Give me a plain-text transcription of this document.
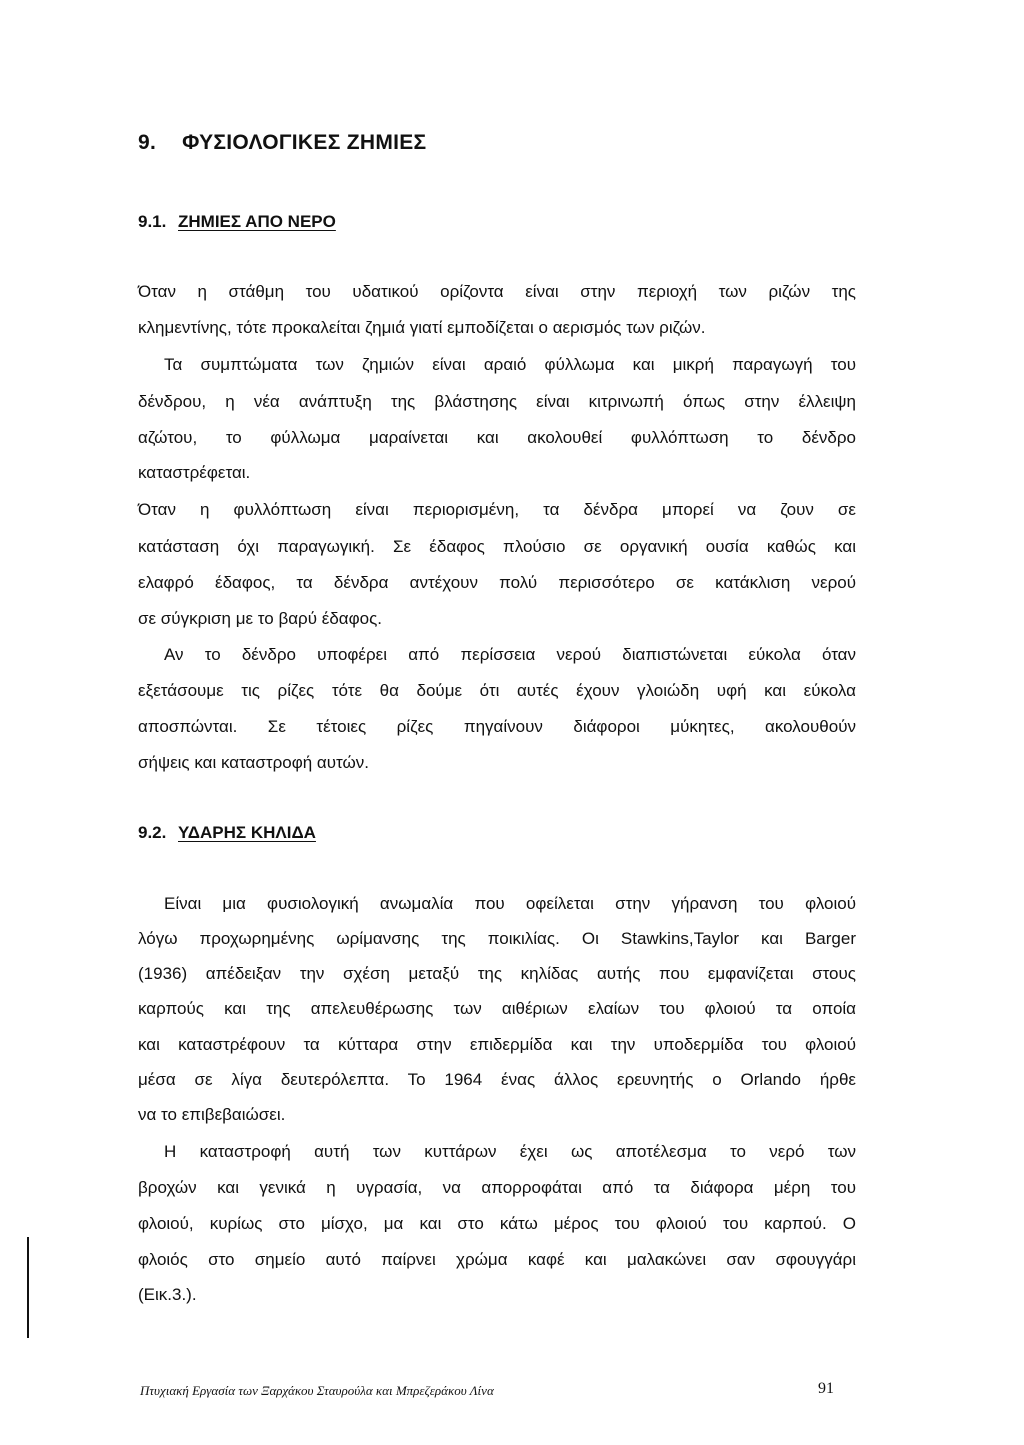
9. ΦΥΣΙΟΛΟΓΙΚΕΣ ΖΗΜΙΕΣ
9.1. ΖΗΜΙΕΣ ΑΠΟ ΝΕΡΟ
Όταν η στάθμη του υδατικού ορίζοντα είναι στην περιοχή των ριζών της
κλημεντίνης, τότε προκαλείται ζημιά γιατί εμποδίζεται ο αερισμός των ριζών.
Τα συμπτώματα των ζημιών είναι αραιό φύλλωμα και μικρή παραγωγή του
δένδρου, η νέα ανάπτυξη της βλάστησης είναι κιτρινωπή όπως στην έλλειψη
αζώτου, το φύλλωμα μαραίνεται και ακολουθεί φυλλόπτωση το δένδρο
καταστρέφεται.
Όταν η φυλλόπτωση είναι περιορισμένη, τα δένδρα μπορεί να ζουν σε
κατάσταση όχι παραγωγική. Σε έδαφος πλούσιο σε οργανική ουσία καθώς και
ελαφρό έδαφος, τα δένδρα αντέχουν πολύ περισσότερο σε κατάκλιση νερού
σε σύγκριση με το βαρύ έδαφος.
Αν το δένδρο υποφέρει από περίσσεια νερού διαπιστώνεται εύκολα όταν
εξετάσουμε τις ρίζες τότε θα δούμε ότι αυτές έχουν γλοιώδη υφή και εύκολα
αποσπώνται. Σε τέτοιες ρίζες πηγαίνουν διάφοροι μύκητες, ακολουθούν
σήψεις και καταστροφή αυτών.
9.2. ΥΔΑΡΗΣ ΚΗΛΙΔΑ
Είναι μια φυσιολογική ανωμαλία που οφείλεται στην γήρανση του φλοιού
λόγω προχωρημένης ωρίμανσης της ποικιλίας. Οι Stawkins,Taylor και Barger
(1936) απέδειξαν την σχέση μεταξύ της κηλίδας αυτής που εμφανίζεται στους
καρπούς και της απελευθέρωσης των αιθέριων ελαίων του φλοιού τα οποία
και καταστρέφουν τα κύτταρα στην επιδερμίδα και την υποδερμίδα του φλοιού
μέσα σε λίγα δευτερόλεπτα. Το 1964 ένας άλλος ερευνητής ο Orlando ήρθε
να το επιβεβαιώσει.
Η καταστροφή αυτή των κυττάρων έχει ως αποτέλεσμα το νερό των
βροχών και γενικά η υγρασία, να απορροφάται από τα διάφορα μέρη του
φλοιού, κυρίως στο μίσχο, μα και στο κάτω μέρος του φλοιού του καρπού. Ο
φλοιός στο σημείο αυτό παίρνει χρώμα καφέ και μαλακώνει σαν σφουγγάρι
(Εικ.3.).
Πτυχιακή Εργασία των Ξαρχάκου Σταυρούλα και Μπρεζεράκου Λίνα	91
